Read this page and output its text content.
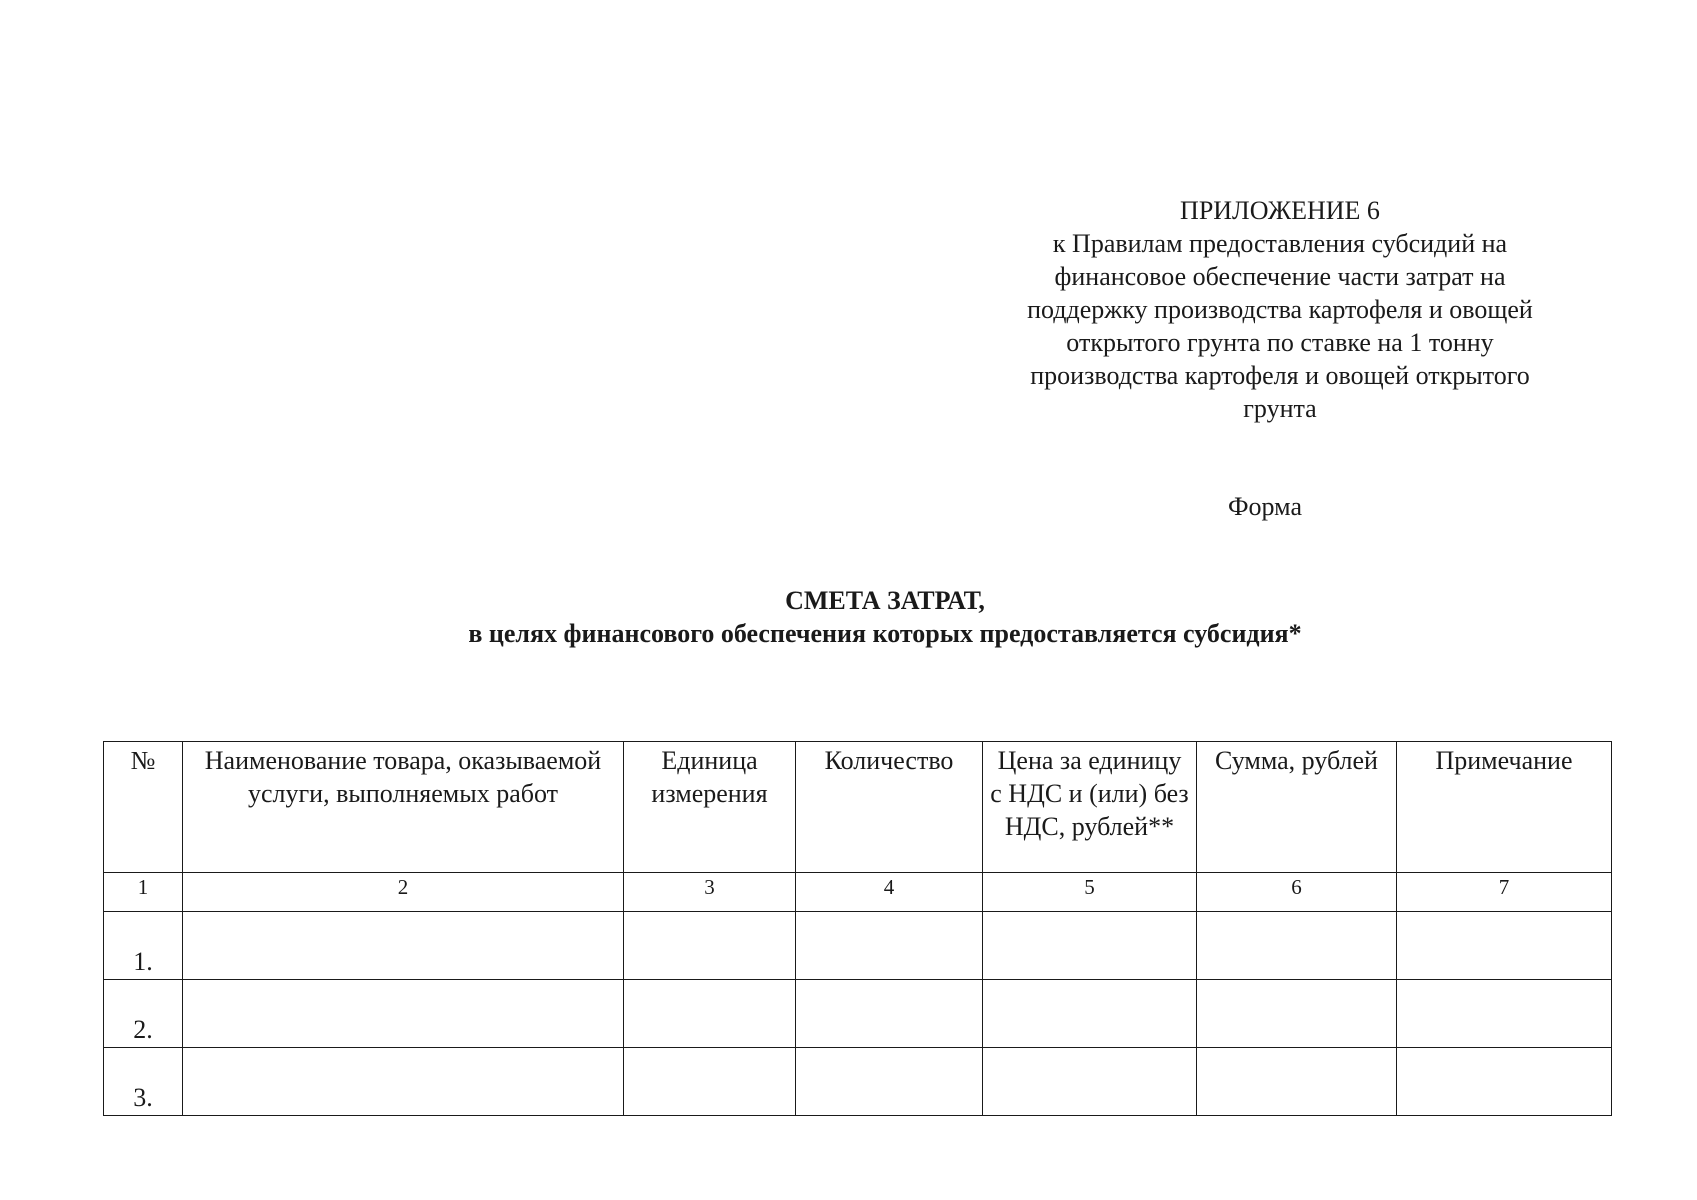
ПРИЛОЖЕНИЕ 6
к Правилам предоставления субсидий на
финансовое обеспечение части затрат на
поддержку производства картофеля и овощей
открытого грунта по ставке на 1 тонну
производства картофеля и овощей открытого
грунта
Форма
СМЕТА ЗАТРАТ,
в целях финансового обеспечения которых предоставляется субсидия*
№	Наименование товара, оказываемой услуги, выполняемых работ	Единица измерения	Количество	Цена за единицу с НДС и (или) без НДС, рублей**	Сумма, рублей	Примечание
1	2	3	4	5	6	7
1.						
2.						
3.						
